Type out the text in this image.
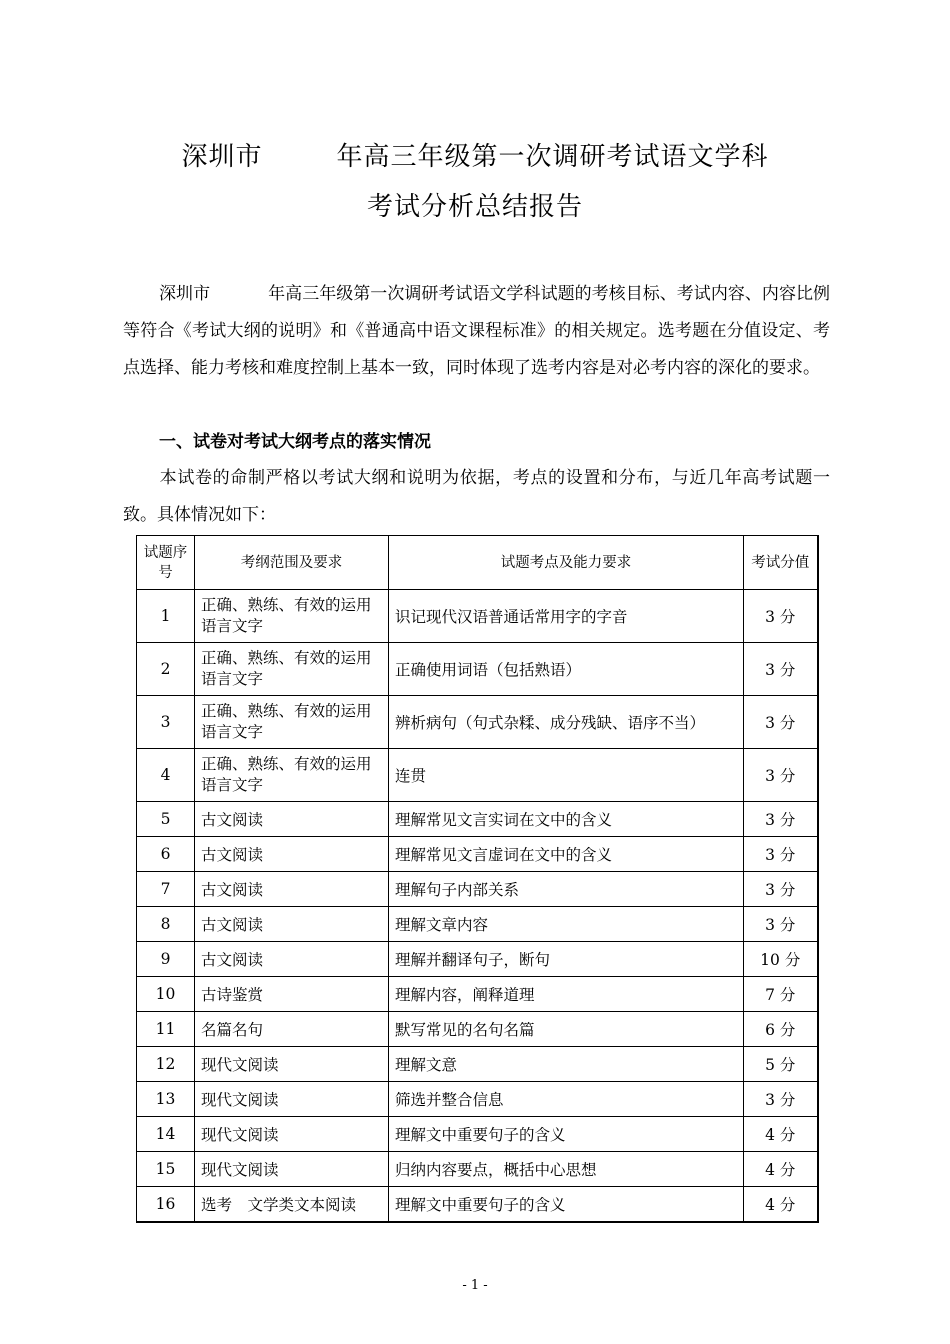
深圳市	年高三年级第一次调研考试语文学科
考试分析总结报告
深圳市	年高三年级第一次调研考试语文学科试题的考核目标、考试内容、内容比例等符合《考试大纲的说明》和《普通高中语文课程标准》的相关规定。选考题在分值设定、考点选择、能力考核和难度控制上基本一致，同时体现了选考内容是对必考内容的深化的要求。
一、试卷对考试大纲考点的落实情况
本试卷的命制严格以考试大纲和说明为依据，考点的设置和分布，与近几年高考试题一致。具体情况如下：
试题序号	考纲范围及要求	试题考点及能力要求	考试分值
1	正确、熟练、有效的运用语言文字	识记现代汉语普通话常用字的字音	3 分
2	正确、熟练、有效的运用语言文字	正确使用词语（包括熟语）	3 分
3	正确、熟练、有效的运用语言文字	辨析病句（句式杂糅、成分残缺、语序不当）	3 分
4	正确、熟练、有效的运用语言文字	连贯	3 分
5	古文阅读	理解常见文言实词在文中的含义	3 分
6	古文阅读	理解常见文言虚词在文中的含义	3 分
7	古文阅读	理解句子内部关系	3 分
8	古文阅读	理解文章内容	3 分
9	古文阅读	理解并翻译句子，断句	10 分
10	古诗鉴赏	理解内容，阐释道理	7 分
11	名篇名句	默写常见的名句名篇	6 分
12	现代文阅读	理解文意	5 分
13	现代文阅读	筛选并整合信息	3 分
14	现代文阅读	理解文中重要句子的含义	4 分
15	现代文阅读	归纳内容要点，概括中心思想	4 分
16	选考　文学类文本阅读	理解文中重要句子的含义	4 分
- 1 -
